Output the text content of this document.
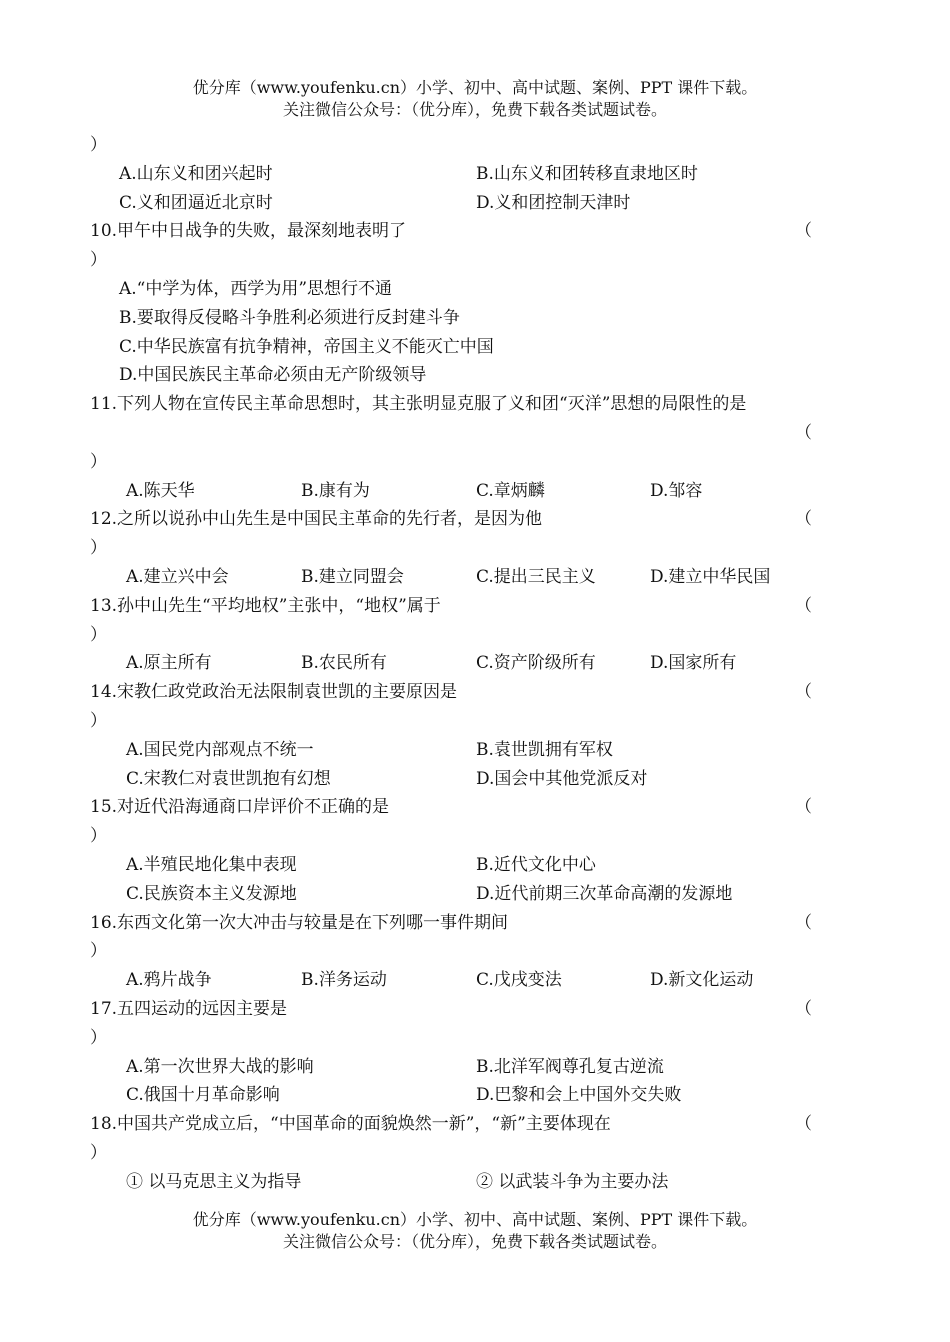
优分库（www.youfenku.cn）小学、初中、高中试题、案例、PPT 课件下载。
关注微信公众号：（优分库），免费下载各类试题试卷。
）
A.山东义和团兴起时	B.山东义和团转移直隶地区时
C.义和团逼近北京时	D.义和团控制天津时
10.甲午中日战争的失败，最深刻地表明了	（
）
A.“中学为体，西学为用”思想行不通
B.要取得反侵略斗争胜利必须进行反封建斗争
C.中华民族富有抗争精神，帝国主义不能灭亡中国
D.中国民族民主革命必须由无产阶级领导
11.下列人物在宣传民主革命思想时，其主张明显克服了义和团“灭洋”思想的局限性的是
（
）
A.陈天华	B.康有为	C.章炳麟	D.邹容
12.之所以说孙中山先生是中国民主革命的先行者，是因为他	（
）
A.建立兴中会	B.建立同盟会	C.提出三民主义	D.建立中华民国
13.孙中山先生“平均地权”主张中，“地权”属于	（
）
A.原主所有	B.农民所有	C.资产阶级所有	D.国家所有
14.宋教仁政党政治无法限制袁世凯的主要原因是	（
）
A.国民党内部观点不统一	B.袁世凯拥有军权
C.宋教仁对袁世凯抱有幻想	D.国会中其他党派反对
15.对近代沿海通商口岸评价不正确的是	（
）
A.半殖民地化集中表现	B.近代文化中心
C.民族资本主义发源地	D.近代前期三次革命高潮的发源地
16.东西文化第一次大冲击与较量是在下列哪一事件期间	（
）
A.鸦片战争	B.洋务运动	C.戊戌变法	D.新文化运动
17.五四运动的远因主要是	（
）
A.第一次世界大战的影响	B.北洋军阀尊孔复古逆流
C.俄国十月革命影响	D.巴黎和会上中国外交失败
18.中国共产党成立后，“中国革命的面貌焕然一新”，“新”主要体现在	（
）
① 以马克思主义为指导	② 以武装斗争为主要办法
优分库（www.youfenku.cn）小学、初中、高中试题、案例、PPT 课件下载。
关注微信公众号：（优分库），免费下载各类试题试卷。
